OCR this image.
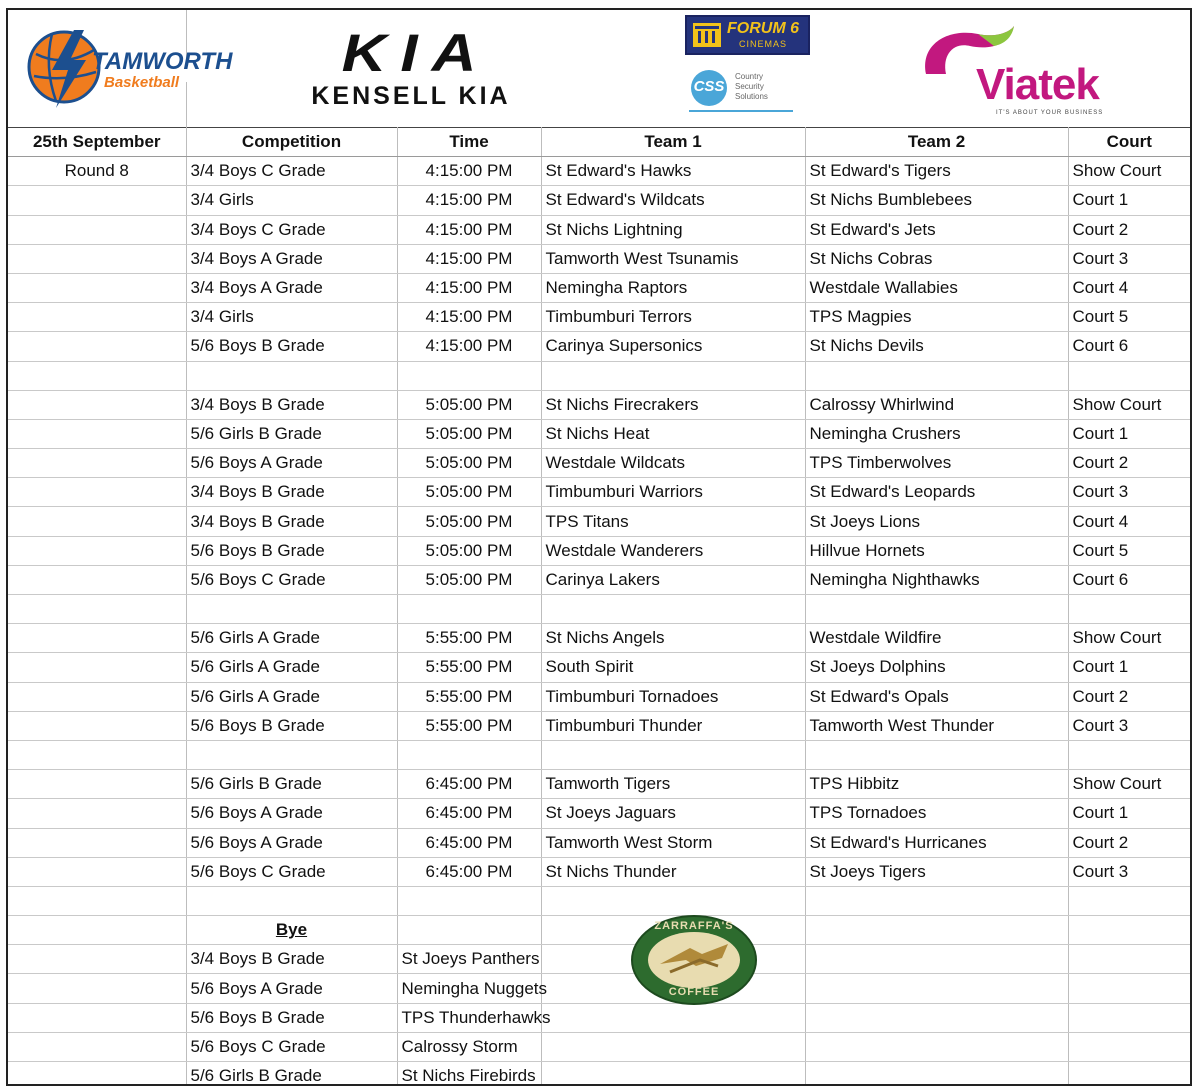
TAMWORTH
Basketball	KIA
KENSELL KIA
FORUM 6
CINEMAS
CSS
Country
Security
Solutions	Viatek
IT'S ABOUT YOUR BUSINESS
25th September	Competition	Time	Team 1	Team 2	Court
Round 8	3/4 Boys C Grade	4:15:00 PM	St Edward's Hawks	St Edward's Tigers	Show Court
	3/4 Girls	4:15:00 PM	St Edward's Wildcats	St Nichs Bumblebees	Court 1
	3/4 Boys C Grade	4:15:00 PM	St Nichs Lightning	St Edward's Jets	Court 2
	3/4 Boys A Grade	4:15:00 PM	Tamworth West Tsunamis	St Nichs Cobras	Court 3
	3/4 Boys A Grade	4:15:00 PM	Nemingha Raptors	Westdale Wallabies	Court 4
	3/4 Girls	4:15:00 PM	Timbumburi Terrors	TPS Magpies	Court 5
	5/6 Boys B Grade	4:15:00 PM	Carinya Supersonics	St Nichs Devils	Court 6

	3/4 Boys B Grade	5:05:00 PM	St Nichs Firecrakers	Calrossy Whirlwind	Show Court
	5/6 Girls B Grade	5:05:00 PM	St Nichs Heat	Nemingha Crushers	Court 1
	5/6 Boys A Grade	5:05:00 PM	Westdale Wildcats	TPS Timberwolves	Court 2
	3/4 Boys B Grade	5:05:00 PM	Timbumburi Warriors	St Edward's Leopards	Court 3
	3/4 Boys B Grade	5:05:00 PM	TPS Titans	St Joeys Lions	Court 4
	5/6 Boys B Grade	5:05:00 PM	Westdale Wanderers	Hillvue Hornets	Court 5
	5/6 Boys C Grade	5:05:00 PM	Carinya Lakers	Nemingha Nighthawks	Court 6

	5/6 Girls A Grade	5:55:00 PM	St Nichs Angels	Westdale Wildfire	Show Court
	5/6 Girls A Grade	5:55:00 PM	South Spirit	St Joeys Dolphins	Court 1
	5/6 Girls A Grade	5:55:00 PM	Timbumburi Tornadoes	St Edward's Opals	Court 2
	5/6 Boys B Grade	5:55:00 PM	Timbumburi Thunder	Tamworth West Thunder	Court 3

	5/6 Girls B Grade	6:45:00 PM	Tamworth Tigers	TPS Hibbitz	Show Court
	5/6 Boys A Grade	6:45:00 PM	St Joeys Jaguars	TPS Tornadoes	Court 1
	5/6 Boys A Grade	6:45:00 PM	Tamworth West Storm	St Edward's Hurricanes	Court 2
	5/6 Boys C Grade	6:45:00 PM	St Nichs Thunder	St Joeys Tigers	Court 3

	Bye				
	3/4 Boys B Grade	St Joeys Panthers			
	5/6 Boys A Grade	Nemingha Nuggets			
	5/6 Boys B Grade	TPS Thunderhawks			
	5/6 Boys C Grade	Calrossy Storm			
	5/6 Girls B Grade	St Nichs Firebirds			
ZARRAFFA'S
COFFEE
